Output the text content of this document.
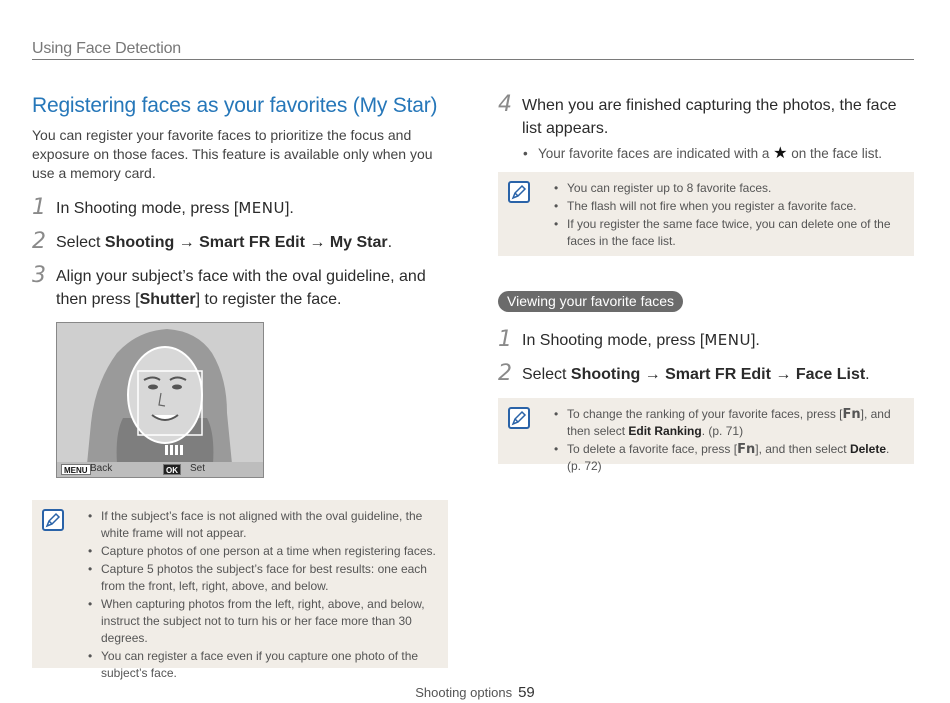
Using Face Detection
Registering faces as your favorites (My Star)
You can register your favorite faces to prioritize the focus and exposure on those faces. This feature is available only when you use a memory card.
1 In Shooting mode, press [MENU].
2 Select Shooting → Smart FR Edit → My Star.
3 Align your subject’s face with the oval guideline, and then press [Shutter] to register the face.
MENU Back	OK	Set
• If the subject’s face is not aligned with the oval guideline, the white frame will not appear.
• Capture photos of one person at a time when registering faces.
• Capture 5 photos the subject’s face for best results: one each from the front, left, right, above, and below.
• When capturing photos from the left, right, above, and below, instruct the subject not to turn his or her face more than 30 degrees.
• You can register a face even if you capture one photo of the subject’s face.
4 When you are finished capturing the photos, the face list appears.
• Your favorite faces are indicated with a ★ on the face list.
• You can register up to 8 favorite faces.
• The flash will not fire when you register a favorite face.
• If you register the same face twice, you can delete one of the faces in the face list.
Viewing your favorite faces
1 In Shooting mode, press [MENU].
2 Select Shooting → Smart FR Edit → Face List.
• To change the ranking of your favorite faces, press [Fn], and then select Edit Ranking. (p. 71)
• To delete a favorite face, press [Fn], and then select Delete. (p. 72)
Shooting options 59
